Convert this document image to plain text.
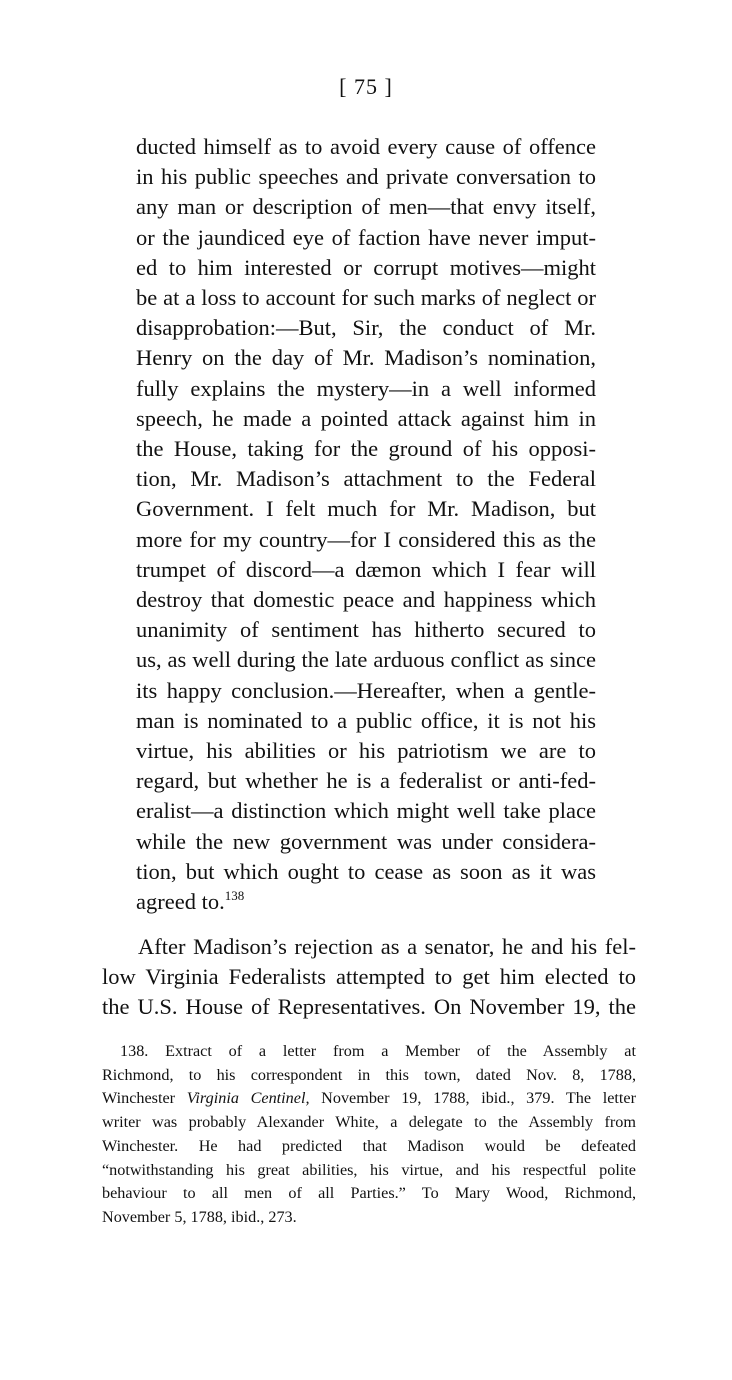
[ 75 ]
ducted himself as to avoid every cause of offence
in his public speeches and private conversation to
any man or description of men—that envy itself,
or the jaundiced eye of faction have never imput-
ed to him interested or corrupt motives—might
be at a loss to account for such marks of neglect or
disapprobation:—But, Sir, the conduct of Mr.
Henry on the day of Mr. Madison’s nomination,
fully explains the mystery—in a well informed
speech, he made a pointed attack against him in
the House, taking for the ground of his opposi-
tion, Mr. Madison’s attachment to the Federal
Government. I felt much for Mr. Madison, but
more for my country—for I considered this as the
trumpet of discord—a dæmon which I fear will
destroy that domestic peace and happiness which
unanimity of sentiment has hitherto secured to
us, as well during the late arduous conflict as since
its happy conclusion.—Hereafter, when a gentle-
man is nominated to a public office, it is not his
virtue, his abilities or his patriotism we are to
regard, but whether he is a federalist or anti-fed-
eralist—a distinction which might well take place
while the new government was under considera-
tion, but which ought to cease as soon as it was
agreed to.$^{138}$
After Madison’s rejection as a senator, he and his fel-
low Virginia Federalists attempted to get him elected to
the U.S. House of Representatives. On November 19, the
138. Extract of a letter from a Member of the Assembly at
Richmond, to his correspondent in this town, dated Nov. 8, 1788,
Winchester Virginia Centinel, November 19, 1788, ibid., 379. The letter
writer was probably Alexander White, a delegate to the Assembly from
Winchester. He had predicted that Madison would be defeated
“notwithstanding his great abilities, his virtue, and his respectful polite
behaviour to all men of all Parties.” To Mary Wood, Richmond,
November 5, 1788, ibid., 273.
